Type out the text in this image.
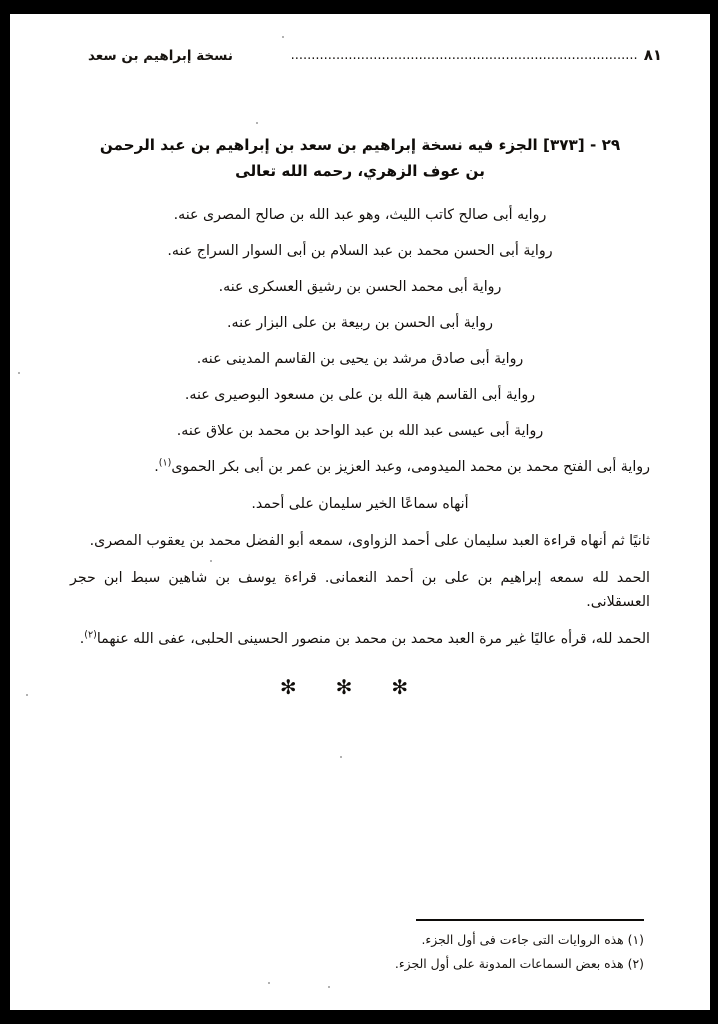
٨١
....................................................................................
نسخة إبراهيم بن سعد
٢٩ - [٣٧٣] الجزء فيه نسخة إبراهيم بن سعد بن إبراهيم بن عبد الرحمن بن عوف الزهري، رحمه الله تعالى
روايه أبى صالح كاتب الليث، وهو عبد الله بن صالح المصرى عنه.
رواية أبى الحسن محمد بن عبد السلام بن أبى السوار السراج عنه.
رواية أبى محمد الحسن بن رشيق العسكرى عنه.
رواية أبى الحسن بن ربيعة بن على البزار عنه.
رواية أبى صادق مرشد بن يحيى بن القاسم المدينى عنه.
رواية أبى القاسم هبة الله بن على بن مسعود البوصيرى عنه.
رواية أبى عيسى عبد الله بن عبد الواحد بن محمد بن علاق عنه.

رواية أبى الفتح محمد بن محمد الميدومى، وعبد العزيز بن عمر بن أبى بكر الحموى$^{(١)}$.

أنهاه سماعًا الخير سليمان على أحمد.

ثانيًا ثم أنهاه قراءة العبد سليمان على أحمد الزواوى، سمعه أبو الفضل محمد بن يعقوب المصرى.

الحمد لله سمعه إبراهيم بن على بن أحمد النعمانى. قراءة يوسف بن شاهين سبط ابن حجر العسقلانى.

الحمد لله، قرأه عاليًا غير مرة العبد محمد بن محمد بن منصور الحسينى الحلبى، عفى الله عنهما$^{(٢)}$.

✻ ✻ ✻
(١) هذه الروايات التى جاءت فى أول الجزء.
(٢) هذه بعض السماعات المدونة على أول الجزء.
